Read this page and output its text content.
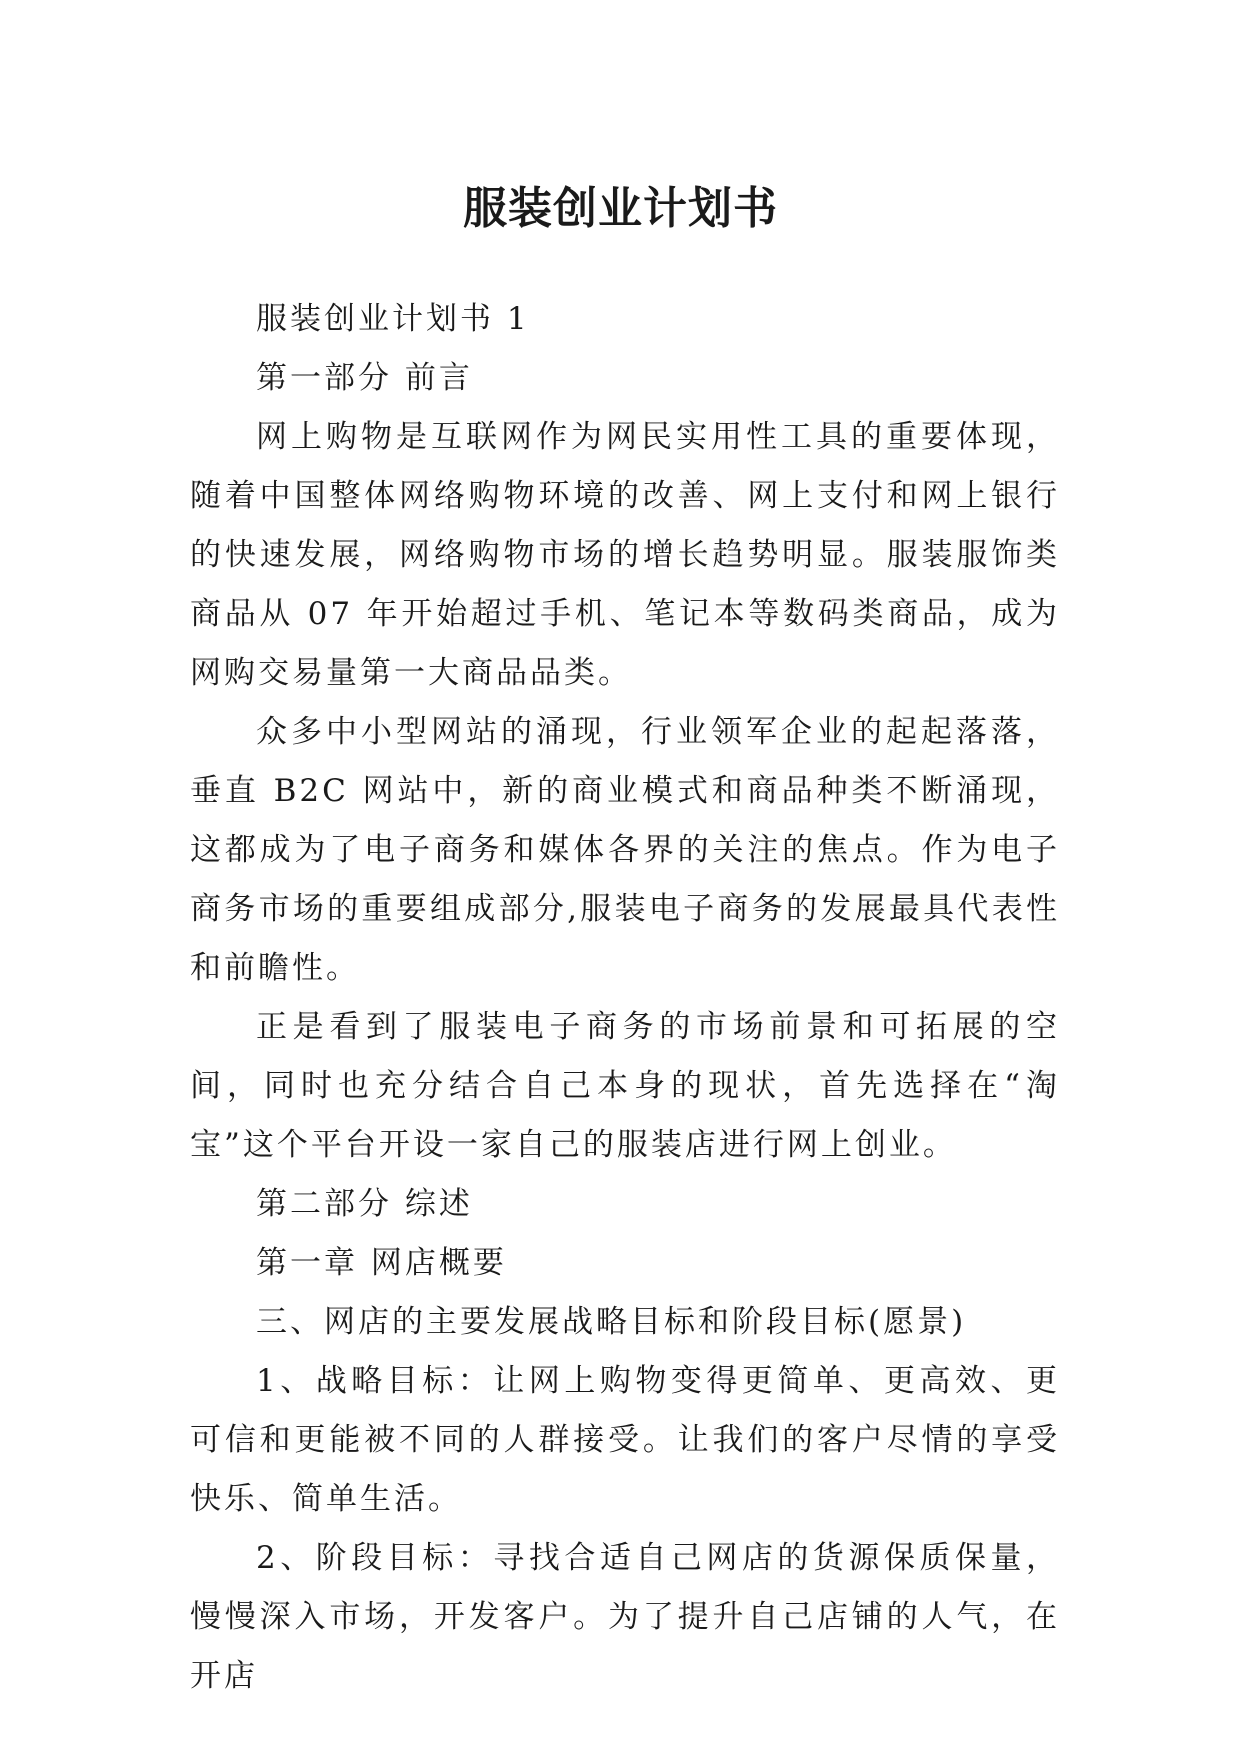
服装创业计划书

服装创业计划书 1

第一部分 前言

网上购物是互联网作为网民实用性工具的重要体现，随着中国整体网络购物环境的改善、网上支付和网上银行的快速发展，网络购物市场的增长趋势明显。服装服饰类商品从 07 年开始超过手机、笔记本等数码类商品，成为网购交易量第一大商品品类。

众多中小型网站的涌现，行业领军企业的起起落落，垂直 B2C 网站中，新的商业模式和商品种类不断涌现，这都成为了电子商务和媒体各界的关注的焦点。作为电子商务市场的重要组成部分,服装电子商务的发展最具代表性和前瞻性。

正是看到了服装电子商务的市场前景和可拓展的空间，同时也充分结合自己本身的现状，首先选择在“淘宝”这个平台开设一家自己的服装店进行网上创业。

第二部分 综述

第一章 网店概要

三、网店的主要发展战略目标和阶段目标(愿景)

1、战略目标：让网上购物变得更简单、更高效、更可信和更能被不同的人群接受。让我们的客户尽情的享受快乐、简单生活。

2、阶段目标：寻找合适自己网店的货源保质保量，慢慢深入市场，开发客户。为了提升自己店铺的人气，在开店
